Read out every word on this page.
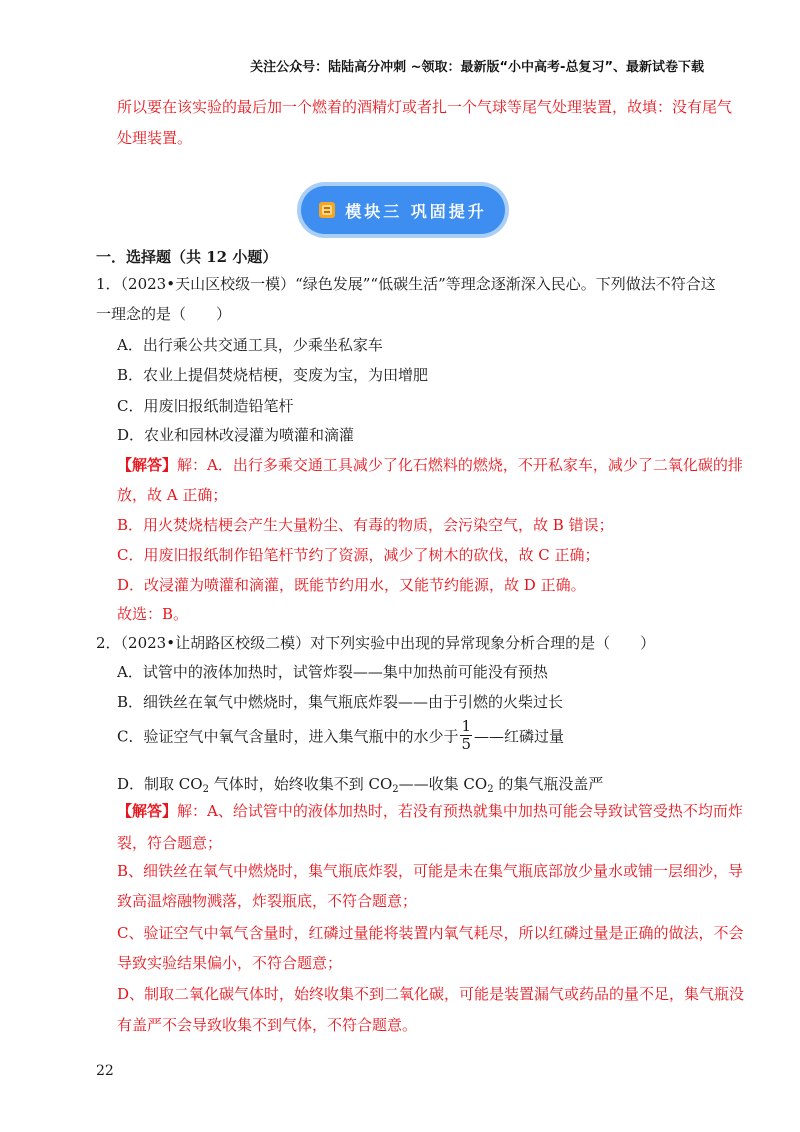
关注公众号：陆陆高分冲刺 ~领取：最新版“小中高考-总复习”、最新试卷下载
所以要在该实验的最后加一个燃着的酒精灯或者扎一个气球等尾气处理装置，故填：没有尾气
处理装置。
模块三 巩固提升
一．选择题（共 12 小题）
1．（2023•天山区校级一模）“绿色发展”“低碳生活”等理念逐渐深入民心。下列做法不符合这
一理念的是（　　）
A．出行乘公共交通工具，少乘坐私家车
B．农业上提倡焚烧桔梗，变废为宝，为田增肥
C．用废旧报纸制造铅笔杆
D．农业和园林改浸灌为喷灌和滴灌
【解答】解：A．出行多乘交通工具减少了化石燃料的燃烧，不开私家车，减少了二氧化碳的排
放，故 A 正确；
B．用火焚烧桔梗会产生大量粉尘、有毒的物质，会污染空气，故 B 错误；
C．用废旧报纸制作铅笔杆节约了资源，减少了树木的砍伐，故 C 正确；
D．改浸灌为喷灌和滴灌，既能节约用水，又能节约能源，故 D 正确。
故选：B。
2．（2023•让胡路区校级二模）对下列实验中出现的异常现象分析合理的是（　　）
A．试管中的液体加热时，试管炸裂——集中加热前可能没有预热
B．细铁丝在氧气中燃烧时，集气瓶底炸裂——由于引燃的火柴过长
C．验证空气中氧气含量时，进入集气瓶中的水少于 $\frac{1}{5}$ ——红磷过量
D．制取 $CO_2$ 气体时，始终收集不到 $CO_2——$收集 $CO_2$ 的集气瓶没盖严
【解答】解：A、给试管中的液体加热时，若没有预热就集中加热可能会导致试管受热不均而炸
裂，符合题意；
B、细铁丝在氧气中燃烧时，集气瓶底炸裂，可能是未在集气瓶底部放少量水或铺一层细沙，导
致高温熔融物溅落，炸裂瓶底，不符合题意；
C、验证空气中氧气含量时，红磷过量能将装置内氧气耗尽，所以红磷过量是正确的做法，不会
导致实验结果偏小，不符合题意；
D、制取二氧化碳气体时，始终收集不到二氧化碳，可能是装置漏气或药品的量不足，集气瓶没
有盖严不会导致收集不到气体，不符合题意。
22
